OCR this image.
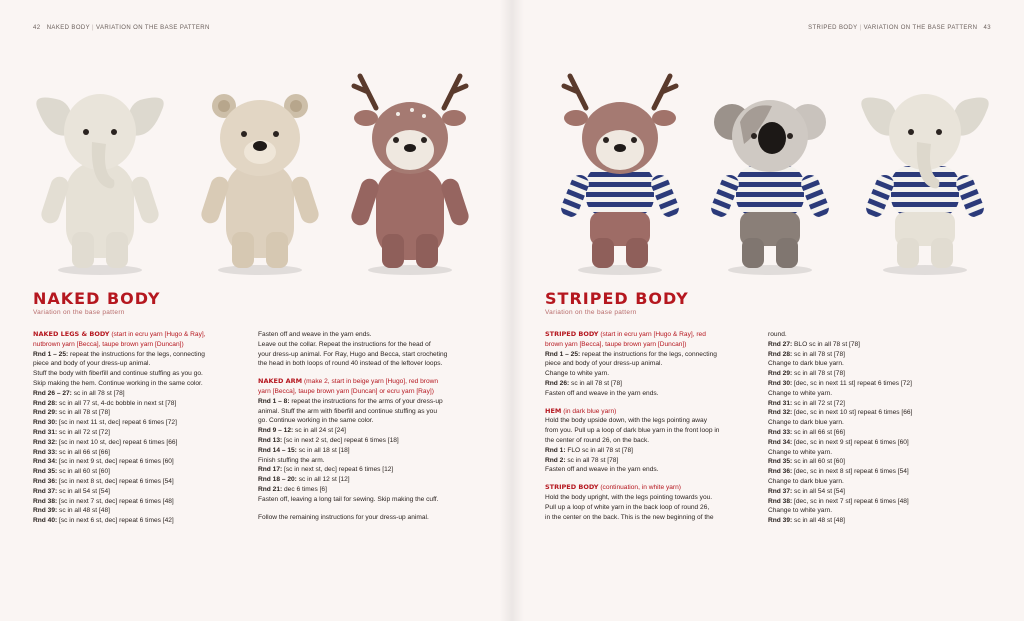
42 NAKED BODY | VARIATION ON THE BASE PATTERN
NAKED BODY
Variation on the base pattern

NAKED LEGS & BODY (start in ecru yarn [Hugo & Ray],

nutbrown yarn [Becca], taupe brown yarn [Duncan])

Rnd 1 – 25: repeat the instructions for the legs, connecting

piece and body of your dress-up animal.

Stuff the body with fiberfill and continue stuffing as you go.

Skip making the hem. Continue working in the same color.

Rnd 26 – 27: sc in all 78 st [78]

Rnd 28: sc in all 77 st, 4-dc bobble in next st [78]

Rnd 29: sc in all 78 st [78]

Rnd 30: [sc in next 11 st, dec] repeat 6 times [72]

Rnd 31: sc in all 72 st [72]

Rnd 32: [sc in next 10 st, dec] repeat 6 times [66]

Rnd 33: sc in all 66 st [66]

Rnd 34: [sc in next 9 st, dec] repeat 6 times [60]

Rnd 35: sc in all 60 st [60]

Rnd 36: [sc in next 8 st, dec] repeat 6 times [54]

Rnd 37: sc in all 54 st [54]

Rnd 38: [sc in next 7 st, dec] repeat 6 times [48]

Rnd 39: sc in all 48 st [48]

Rnd 40: [sc in next 6 st, dec] repeat 6 times [42]

Fasten off and weave in the yarn ends.

Leave out the collar. Repeat the instructions for the head of

your dress-up animal. For Ray, Hugo and Becca, start crocheting

the head in both loops of round 40 instead of the leftover loops.

NAKED ARM (make 2, start in beige yarn [Hugo], red brown

yarn [Becca], taupe brown yarn [Duncan] or ecru yarn [Ray])

Rnd 1 – 8: repeat the instructions for the arms of your dress-up

animal. Stuff the arm with fiberfill and continue stuffing as you

go. Continue working in the same color.

Rnd 9 – 12: sc in all 24 st [24]

Rnd 13: [sc in next 2 st, dec] repeat 6 times [18]

Rnd 14 – 15: sc in all 18 st [18]

Finish stuffing the arm.

Rnd 17: [sc in next st, dec] repeat 6 times [12]

Rnd 18 – 20: sc in all 12 st [12]

Rnd 21: dec 6 times [6]

Fasten off, leaving a long tail for sewing. Skip making the cuff.

Follow the remaining instructions for your dress-up animal.

STRIPED BODY | VARIATION ON THE BASE PATTERN 43
STRIPED BODY
Variation on the base pattern

STRIPED BODY (start in ecru yarn [Hugo & Ray], red

brown yarn [Becca], taupe brown yarn [Duncan])

Rnd 1 – 25: repeat the instructions for the legs, connecting

piece and body of your dress-up animal.

Change to white yarn.

Rnd 26: sc in all 78 st [78]

Fasten off and weave in the yarn ends.

HEM (in dark blue yarn)

Hold the body upside down, with the legs pointing away

from you. Pull up a loop of dark blue yarn in the front loop in

the center of round 26, on the back.

Rnd 1: FLO sc in all 78 st [78]

Rnd 2: sc in all 78 st [78]

Fasten off and weave in the yarn ends.

STRIPED BODY (continuation, in white yarn)

Hold the body upright, with the legs pointing towards you.

Pull up a loop of white yarn in the back loop of round 26,

in the center on the back. This is the new beginning of the

round.

Rnd 27: BLO sc in all 78 st [78]

Rnd 28: sc in all 78 st [78]

Change to dark blue yarn.

Rnd 29: sc in all 78 st [78]

Rnd 30: [dec, sc in next 11 st] repeat 6 times [72]

Change to white yarn.

Rnd 31: sc in all 72 st [72]

Rnd 32: [dec, sc in next 10 st] repeat 6 times [66]

Change to dark blue yarn.

Rnd 33: sc in all 66 st [66]

Rnd 34: [dec, sc in next 9 st] repeat 6 times [60]

Change to white yarn.

Rnd 35: sc in all 60 st [60]

Rnd 36: [dec, sc in next 8 st] repeat 6 times [54]

Change to dark blue yarn.

Rnd 37: sc in all 54 st [54]

Rnd 38: [dec, sc in next 7 st] repeat 6 times [48]

Change to white yarn.

Rnd 39: sc in all 48 st [48]
